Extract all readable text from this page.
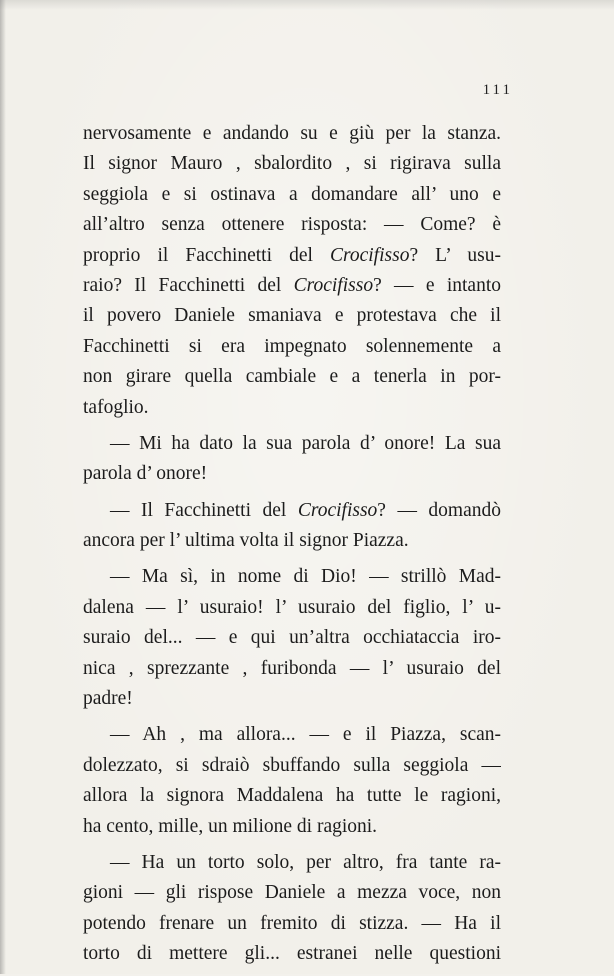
111
nervosamente e andando su e giù per la stanza.
Il signor Mauro , sbalordito , si rigirava sulla
seggiola e si ostinava a domandare all’ uno e
all’altro senza ottenere risposta: — Come? è
proprio il Facchinetti del Crocifisso? L’ usu-
raio? Il Facchinetti del Crocifisso? — e intanto
il povero Daniele smaniava e protestava che il
Facchinetti si era impegnato solennemente a
non girare quella cambiale e a tenerla in por-
tafoglio.
— Mi ha dato la sua parola d’ onore! La sua
parola d’ onore!
— Il Facchinetti del Crocifisso? — domandò
ancora per l’ ultima volta il signor Piazza.
— Ma sì, in nome di Dio! — strillò Mad-
dalena — l’ usuraio! l’ usuraio del figlio, l’ u-
suraio del... — e qui un’altra occhiataccia iro-
nica , sprezzante , furibonda — l’ usuraio del
padre!
— Ah , ma allora... — e il Piazza, scan-
dolezzato, si sdraiò sbuffando sulla seggiola —
allora la signora Maddalena ha tutte le ragioni,
ha cento, mille, un milione di ragioni.
— Ha un torto solo, per altro, fra tante ra-
gioni — gli rispose Daniele a mezza voce, non
potendo frenare un fremito di stizza. — Ha il
torto di mettere gli... estranei nelle questioni
